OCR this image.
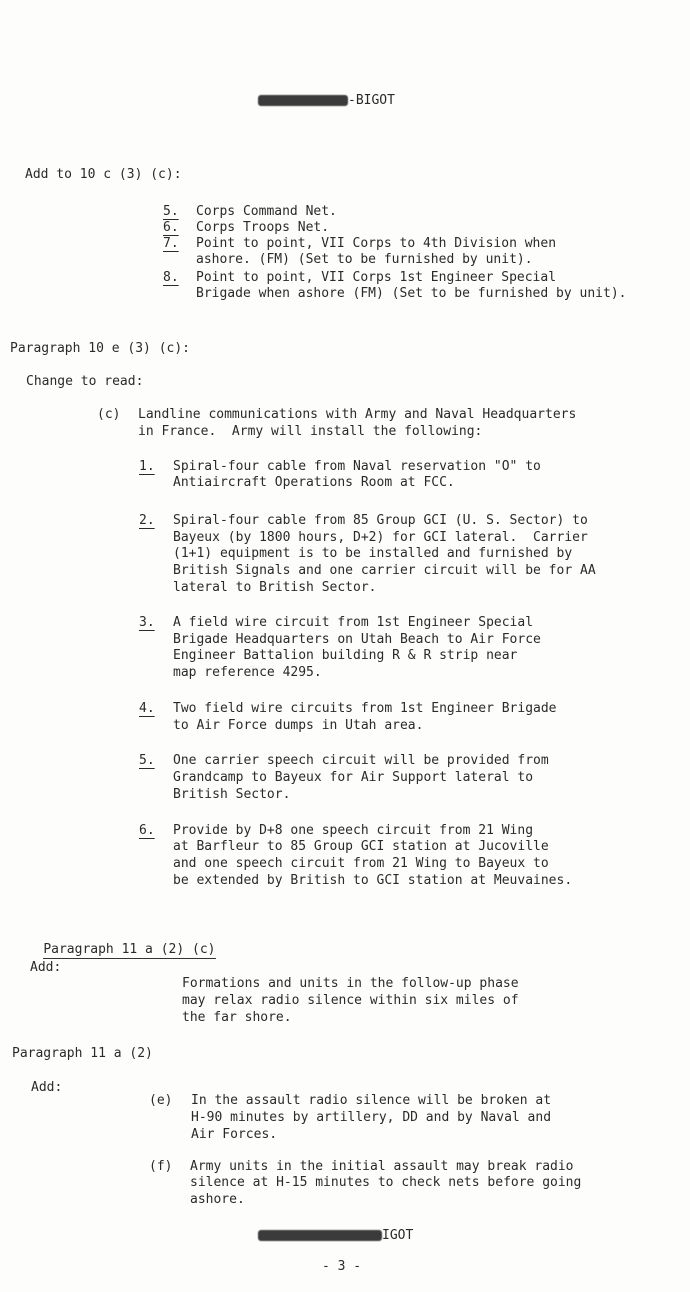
-BIGOT
Add to 10 c (3) (c):
5. Corps Command Net.
6. Corps Troops Net.
7. Point to point, VII Corps to 4th Division when
ashore. (FM) (Set to be furnished by unit).
8. Point to point, VII Corps 1st Engineer Special
Brigade when ashore (FM) (Set to be furnished by unit).
Paragraph 10 e (3) (c):
Change to read:
(c) Landline communications with Army and Naval Headquarters
in France.  Army will install the following:
1. Spiral-four cable from Naval reservation "O" to
Antiaircraft Operations Room at FCC.
2. Spiral-four cable from 85 Group GCI (U. S. Sector) to
Bayeux (by 1800 hours, D+2) for GCI lateral.  Carrier
(1+1) equipment is to be installed and furnished by
British Signals and one carrier circuit will be for AA
lateral to British Sector.
3. A field wire circuit from 1st Engineer Special
Brigade Headquarters on Utah Beach to Air Force
Engineer Battalion building R & R strip near
map reference 4295.
4. Two field wire circuits from 1st Engineer Brigade
to Air Force dumps in Utah area.
5. One carrier speech circuit will be provided from
Grandcamp to Bayeux for Air Support lateral to
British Sector.
6. Provide by D+8 one speech circuit from 21 Wing
at Barfleur to 85 Group GCI station at Jucoville
and one speech circuit from 21 Wing to Bayeux to
be extended by British to GCI station at Meuvaines.

Paragraph 11 a (2) (c)

Add:
Formations and units in the follow-up phase
may relax radio silence within six miles of
the far shore.
Paragraph 11 a (2)
Add:
(e) In the assault radio silence will be broken at
H-90 minutes by artillery, DD and by Naval and
Air Forces.
(f) Army units in the initial assault may break radio
silence at H-15 minutes to check nets before going
ashore.
IGOT
- 3 -
